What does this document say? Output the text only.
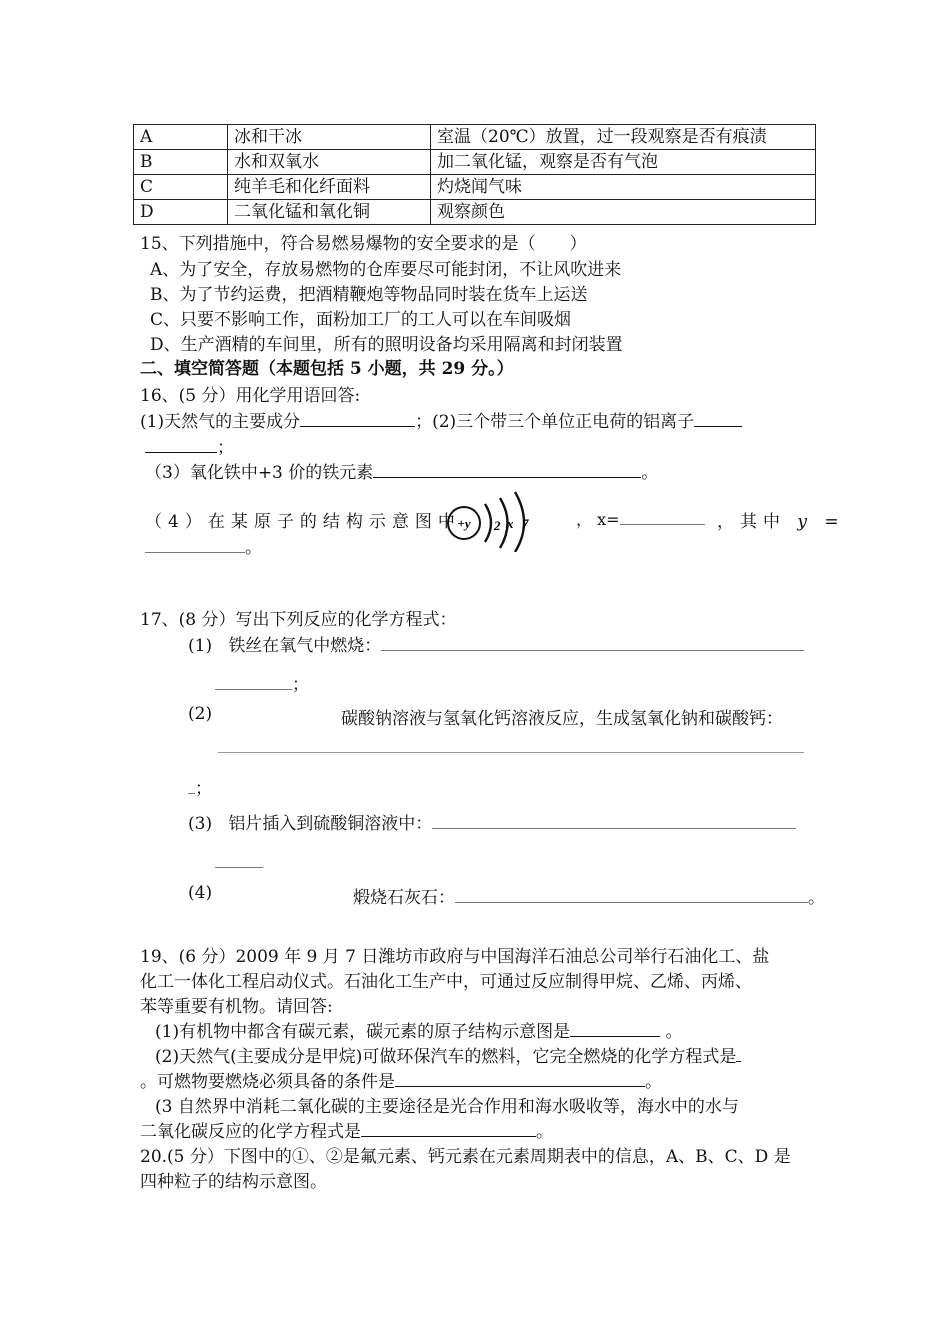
A	冰和干冰	室温（20℃）放置，过一段观察是否有痕渍
B	水和双氧水	加二氧化锰，观察是否有气泡
C	纯羊毛和化纤面料	灼烧闻气味
D	二氧化锰和氧化铜	观察颜色
15、下列措施中，符合易燃易爆物的安全要求的是（　　）
A、为了安全，存放易燃物的仓库要尽可能封闭，不让风吹进来
B、为了节约运费，把酒精鞭炮等物品同时装在货车上运送
C、只要不影响工作，面粉加工厂的工人可以在车间吸烟
D、生产酒精的车间里，所有的照明设备均采用隔离和封闭装置
二、填空简答题（本题包括 5 小题，共 29 分。）
16、(5 分）用化学用语回答:
(1)天然气的主要成分	；(2)三个带三个单位正电荷的铝离子
；
（3）氧化铁中+3 价的铁元素	。
（4）在某原子的结构示意图中
+y 2 x 7	， x=	，其中 y =
。
17、(8 分）写出下列反应的化学方程式：
(1) 铁丝在氧气中燃烧：
；
(2)	碳酸钠溶液与氢氧化钙溶液反应，生成氢氧化钠和碳酸钙：
；
(3) 铝片插入到硫酸铜溶液中：
(4)	煅烧石灰石：	。
19、(6 分）2009 年 9 月 7 日潍坊市政府与中国海洋石油总公司举行石油化工、盐
化工一体化工程启动仪式。石油化工生产中，可通过反应制得甲烷、乙烯、丙烯、
苯等重要有机物。请回答:
(1)有机物中都含有碳元素，碳元素的原子结构示意图是	。
(2)天然气(主要成分是甲烷)可做环保汽车的燃料，它完全燃烧的化学方程式是
。可燃物要燃烧必须具备的条件是	。
(3 自然界中消耗二氧化碳的主要途径是光合作用和海水吸收等，海水中的水与
二氧化碳反应的化学方程式是	。
20.(5 分）下图中的①、②是氟元素、钙元素在元素周期表中的信息，A、B、C、D 是
四种粒子的结构示意图。
